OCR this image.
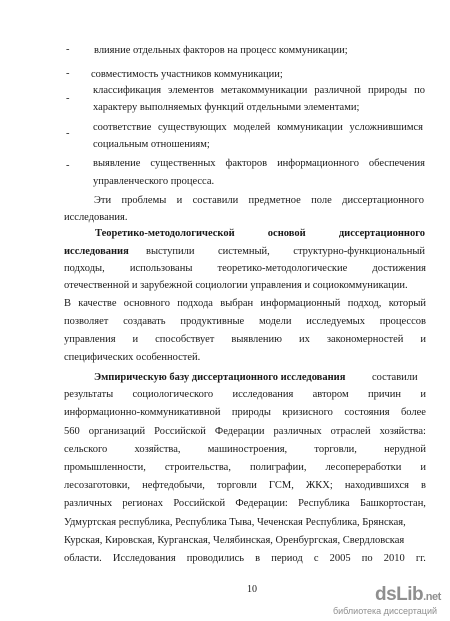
-
-
-
-
-
влияние отдельных факторов на процесс коммуникации;
совместимость участников коммуникации;
классификация элементов метакоммуникации различной природы по
характеру выполняемых функций отдельными элементами;
соответствие существующих моделей коммуникации усложнившимся
социальным отношениям;
выявление существенных факторов информационного обеспечения
управленческого процесса.
Эти проблемы и составили предметное поле диссертационного
исследования.
Теоретико-методологической	основой	диссертационного
исследования выступили системный, структурно-функциональный
подходы, использованы теоретико-методологические достижения
отечественной и зарубежной социологии управления и социокоммуникации.
В качестве основного подхода выбран информационный подход, который
позволяет создавать продуктивные модели исследуемых процессов
управления и способствует выявлению их закономерностей и
специфических особенностей.
Эмпирическую базу диссертационного исследования	составили
результаты социологического исследования автором причин и
информационно-коммуникативной природы кризисного состояния более
560 организаций Российской Федерации различных отраслей хозяйства:
сельского	хозяйства,	машиностроения,	торговли,	нерудной
промышленности, строительства, полиграфии, лесопереработки и
лесозаготовки, нефтедобычи, торговли ГСМ, ЖКХ; находившихся в
различных регионах Российской Федерации: Республика Башкортостан,
Удмуртская республика, Республика Тыва, Чеченская Республика, Брянская,
Курская, Кировская, Курганская, Челябинская, Оренбургская, Свердловская
области. Исследования проводились в период с 2005 по 2010 гг.
10	dsLib.net
библиотека диссертаций
